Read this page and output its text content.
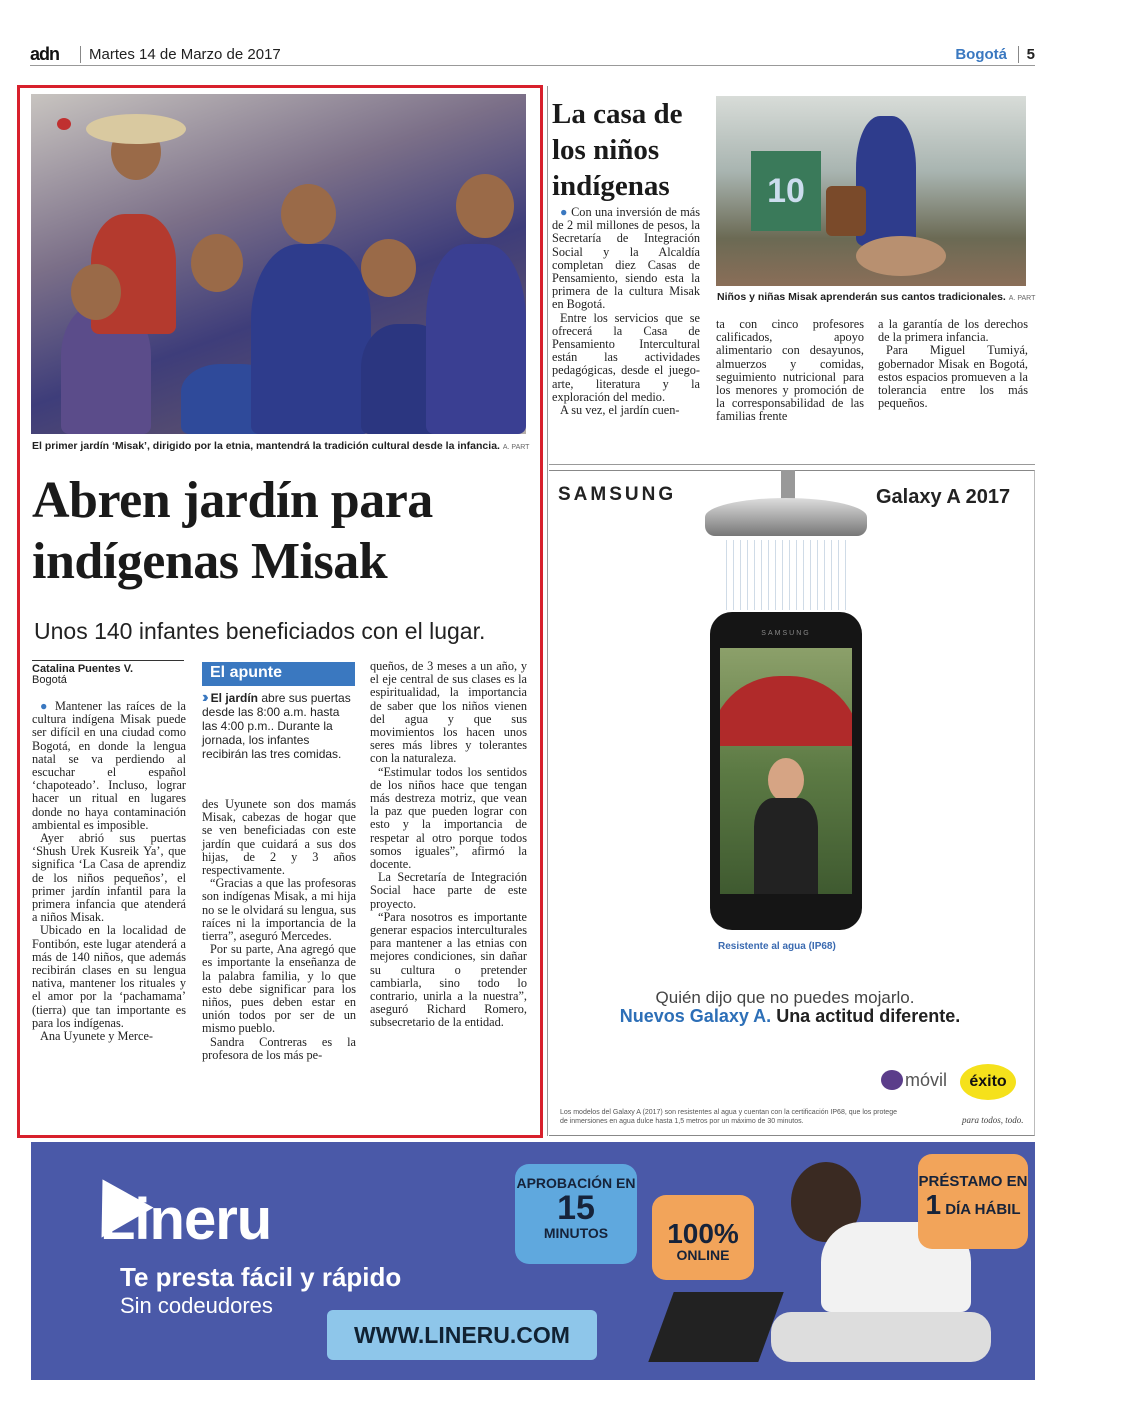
adn	Martes 14 de Marzo de 2017	Bogotá	5
El primer jardín ‘Misak’, dirigido por la etnia, mantendrá la tradición cultural desde la infancia. A. PART
Abren jardín para
indígenas Misak
Unos 140 infantes beneficiados con el lugar.
Catalina Puentes V.
Bogotá

● Mantener las raíces de la cultura indígena Misak puede ser difícil en una ciudad como Bogotá, en donde la lengua natal se va perdiendo al escuchar el español ‘chapoteado’. Incluso, lograr hacer un ritual en lugares donde no haya contaminación ambiental es imposible.

Ayer abrió sus puertas ‘Shush Urek Kusreik Ya’, que significa ‘La Casa de aprendiz de los niños pequeños’, el primer jardín infantil para la primera infancia que atenderá a niños Misak.

Ubicado en la localidad de Fontibón, este lugar atenderá a más de 140 niños, que además recibirán clases en su lengua nativa, mantener los rituales y el amor por la ‘pachamama’ (tierra) que tan importante es para los indígenas.

Ana Uyunete y Merce-

El apunte
›› El jardín abre sus puertas desde las 8:00 a.m. hasta las 4:00 p.m.. Durante la jornada, los infantes recibirán las tres comidas.

des Uyunete son dos mamás Misak, cabezas de hogar que se ven beneficiadas con este jardín que cuidará a sus dos hijas, de 2 y 3 años respectivamente.

“Gracias a que las profesoras son indígenas Misak, a mi hija no se le olvidará su lengua, sus raíces ni la importancia de la tierra”, aseguró Mercedes.

Por su parte, Ana agregó que es importante la enseñanza de la palabra familia, y lo que esto debe significar para los niños, pues deben estar en unión todos por ser de un mismo pueblo.

Sandra Contreras es la profesora de los más pe-

queños, de 3 meses a un año, y el eje central de sus clases es la espiritualidad, la importancia de saber que los niños vienen del agua y que sus movimientos los hacen unos seres más libres y tolerantes con la naturaleza.

“Estimular todos los sentidos de los niños hace que tengan más destreza motriz, que vean la paz que pueden lograr con esto y la importancia de respetar al otro porque todos somos iguales”, afirmó la docente.

La Secretaría de Integración Social hace parte de este proyecto.

“Para nosotros es importante generar espacios interculturales para mantener a las etnias con mejores condiciones, sin dañar su cultura o pretender cambiarla, sino todo lo contrario, unirla a la nuestra”, aseguró Richard Romero, subsecretario de la entidad.

La casa de
los niños
indígenas

● Con una inversión de más de 2 mil millones de pesos, la Secretaría de Integración Social y la Alcaldía completan diez Casas de Pensamiento, siendo esta la primera de la cultura Misak en Bogotá.

Entre los servicios que se ofrecerá la Casa de Pensamiento Intercultural están las actividades pedagógicas, desde el juego-arte, literatura y la exploración del medio.

A su vez, el jardín cuen-

10
Niños y niñas Misak aprenderán sus cantos tradicionales. A. PART
ta con cinco profesores calificados, apoyo alimentario con desayunos, almuerzos y comidas, seguimiento nutricional para los menores y promoción de la corresponsabilidad de las familias frente

a la garantía de los derechos de la primera infancia.

Para Miguel Tumiyá, gobernador Misak en Bogotá, estos espacios promueven a la tolerancia entre los más pequeños.

SAMSUNG	Galaxy A 2017
SAMSUNG
Resistente al agua (IP68)
Quién dijo que no puedes mojarlo.
Nuevos Galaxy A. Una actitud diferente.
móvil	éxito
para todos, todo.
Los modelos del Galaxy A (2017) son resistentes al agua y cuentan con la certificación IP68, que los protege de inmersiones en agua dulce hasta 1,5 metros por un máximo de 30 minutos.
Lineru
Te presta fácil y rápido
Sin codeudores
WWW.LINERU.COM
APROBACIÓN EN
15
MINUTOS	100%
ONLINE
PRÉSTAMO EN
1 DÍA HÁBIL
